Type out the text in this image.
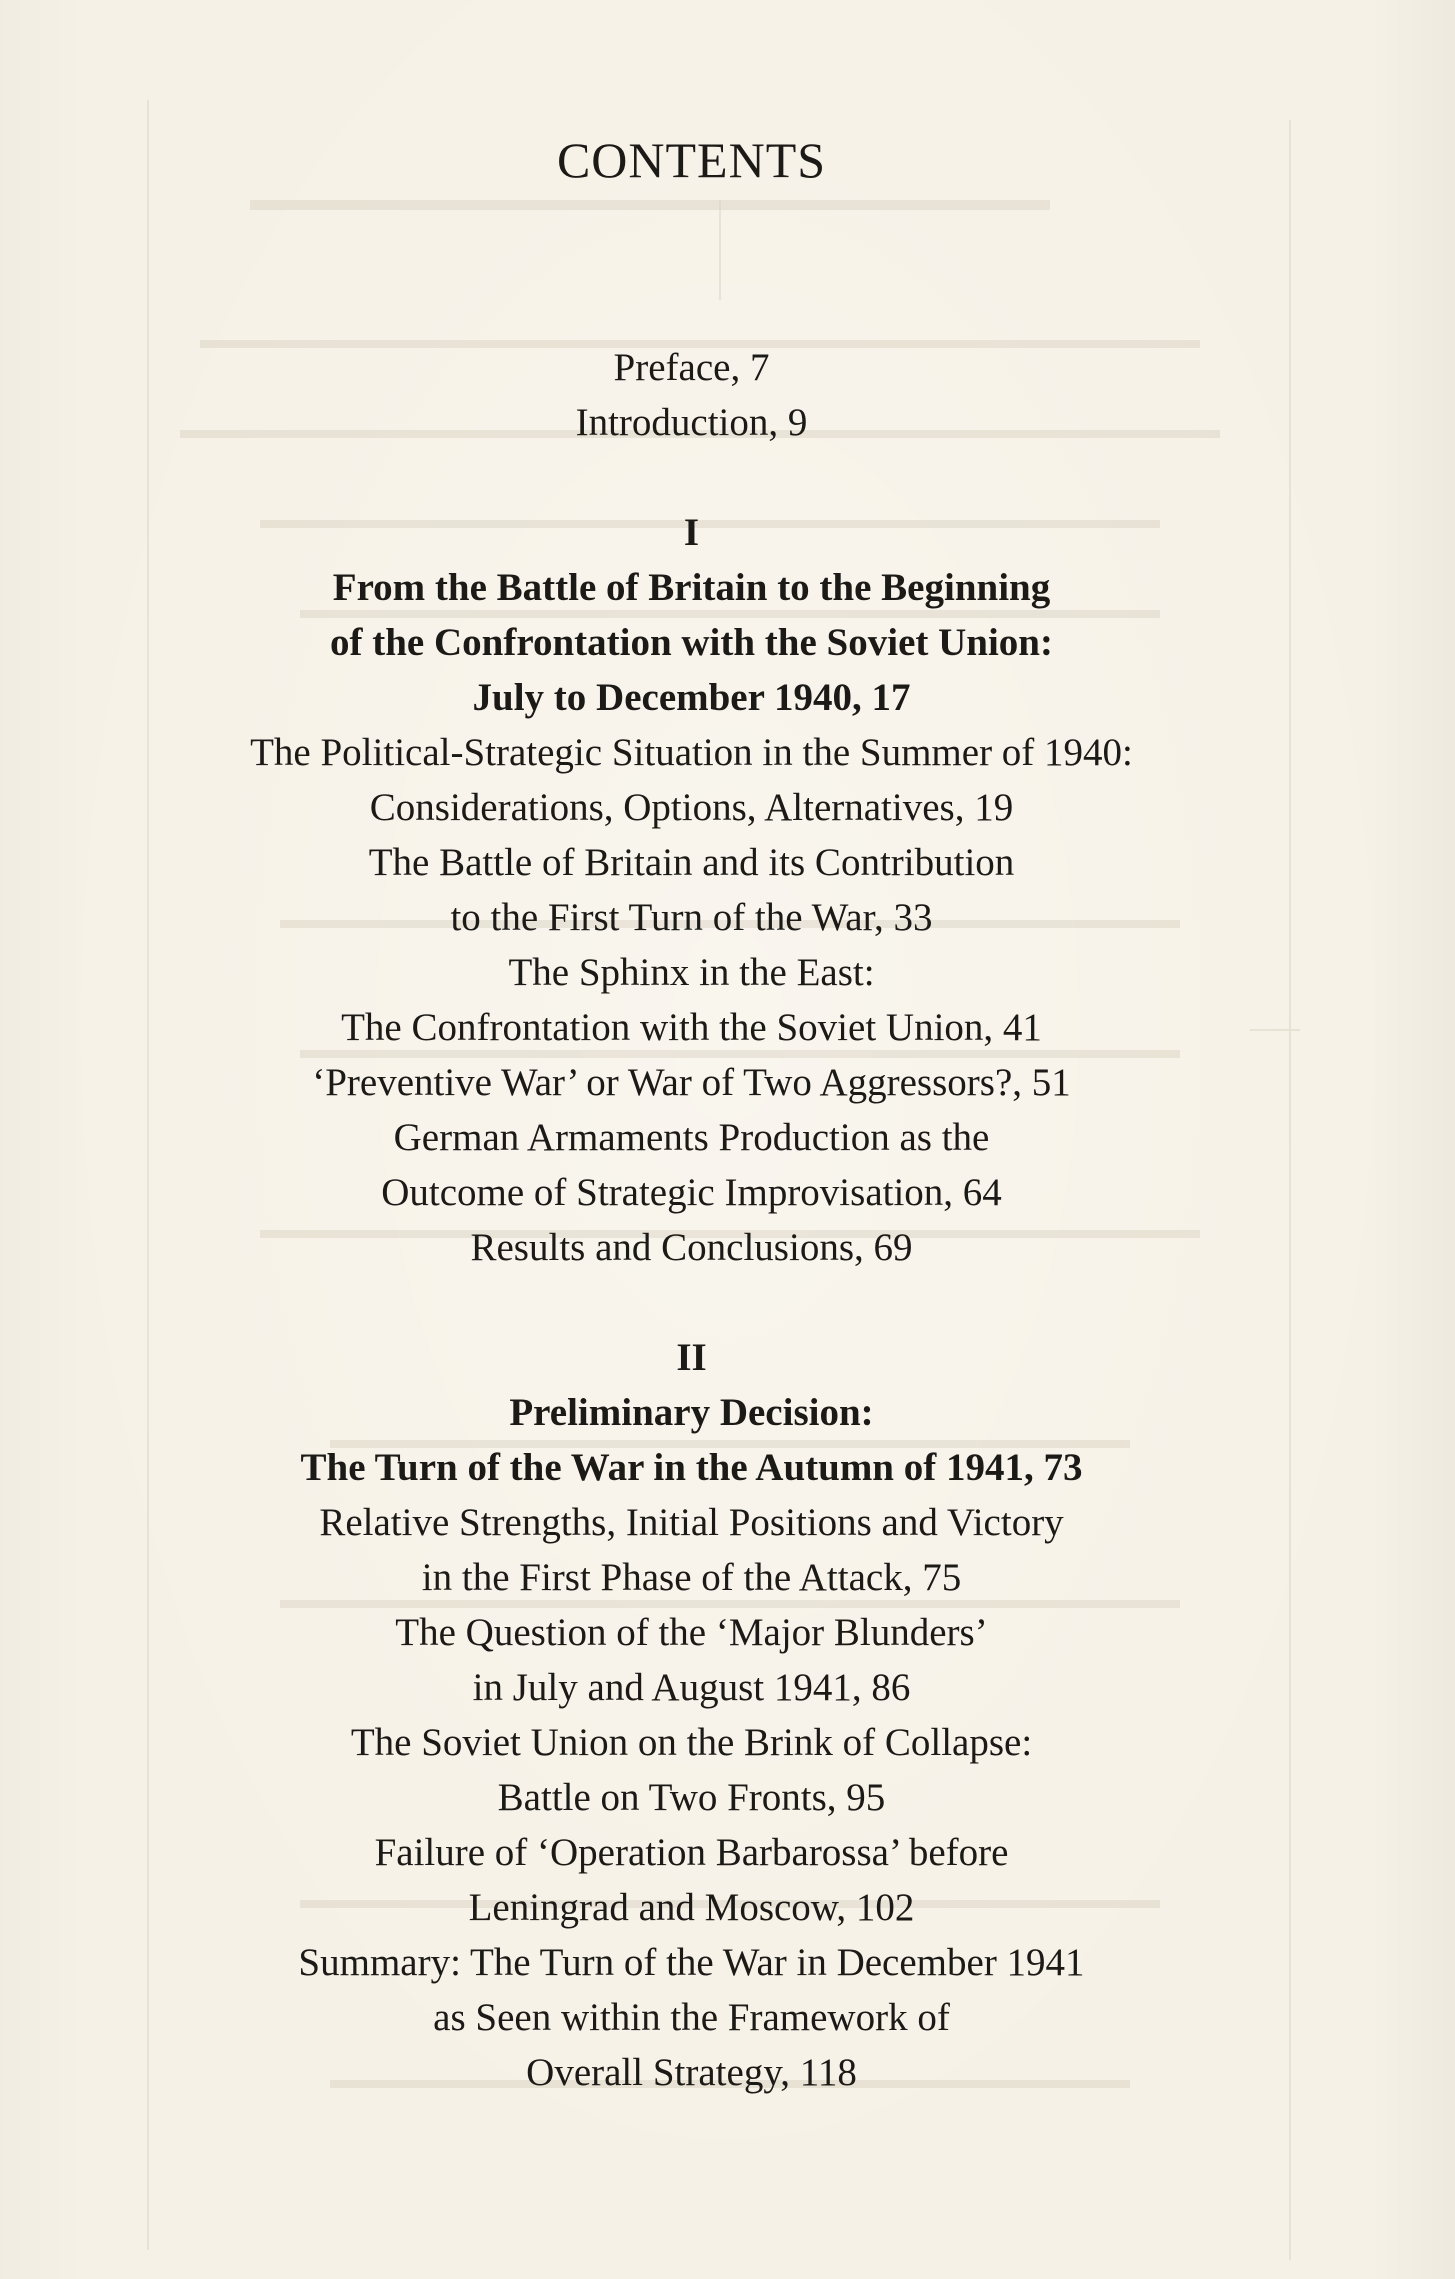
CONTENTS
Preface, 7
Introduction, 9
I
From the Battle of Britain to the Beginning
of the Confrontation with the Soviet Union:
July to December 1940, 17
The Political-Strategic Situation in the Summer of 1940:
Considerations, Options, Alternatives, 19
The Battle of Britain and its Contribution
to the First Turn of the War, 33
The Sphinx in the East:
The Confrontation with the Soviet Union, 41
‘Preventive War’ or War of Two Aggressors?, 51
German Armaments Production as the
Outcome of Strategic Improvisation, 64
Results and Conclusions, 69
II
Preliminary Decision:
The Turn of the War in the Autumn of 1941, 73
Relative Strengths, Initial Positions and Victory
in the First Phase of the Attack, 75
The Question of the ‘Major Blunders’
in July and August 1941, 86
The Soviet Union on the Brink of Collapse:
Battle on Two Fronts, 95
Failure of ‘Operation Barbarossa’ before
Leningrad and Moscow, 102
Summary: The Turn of the War in December 1941
as Seen within the Framework of
Overall Strategy, 118
